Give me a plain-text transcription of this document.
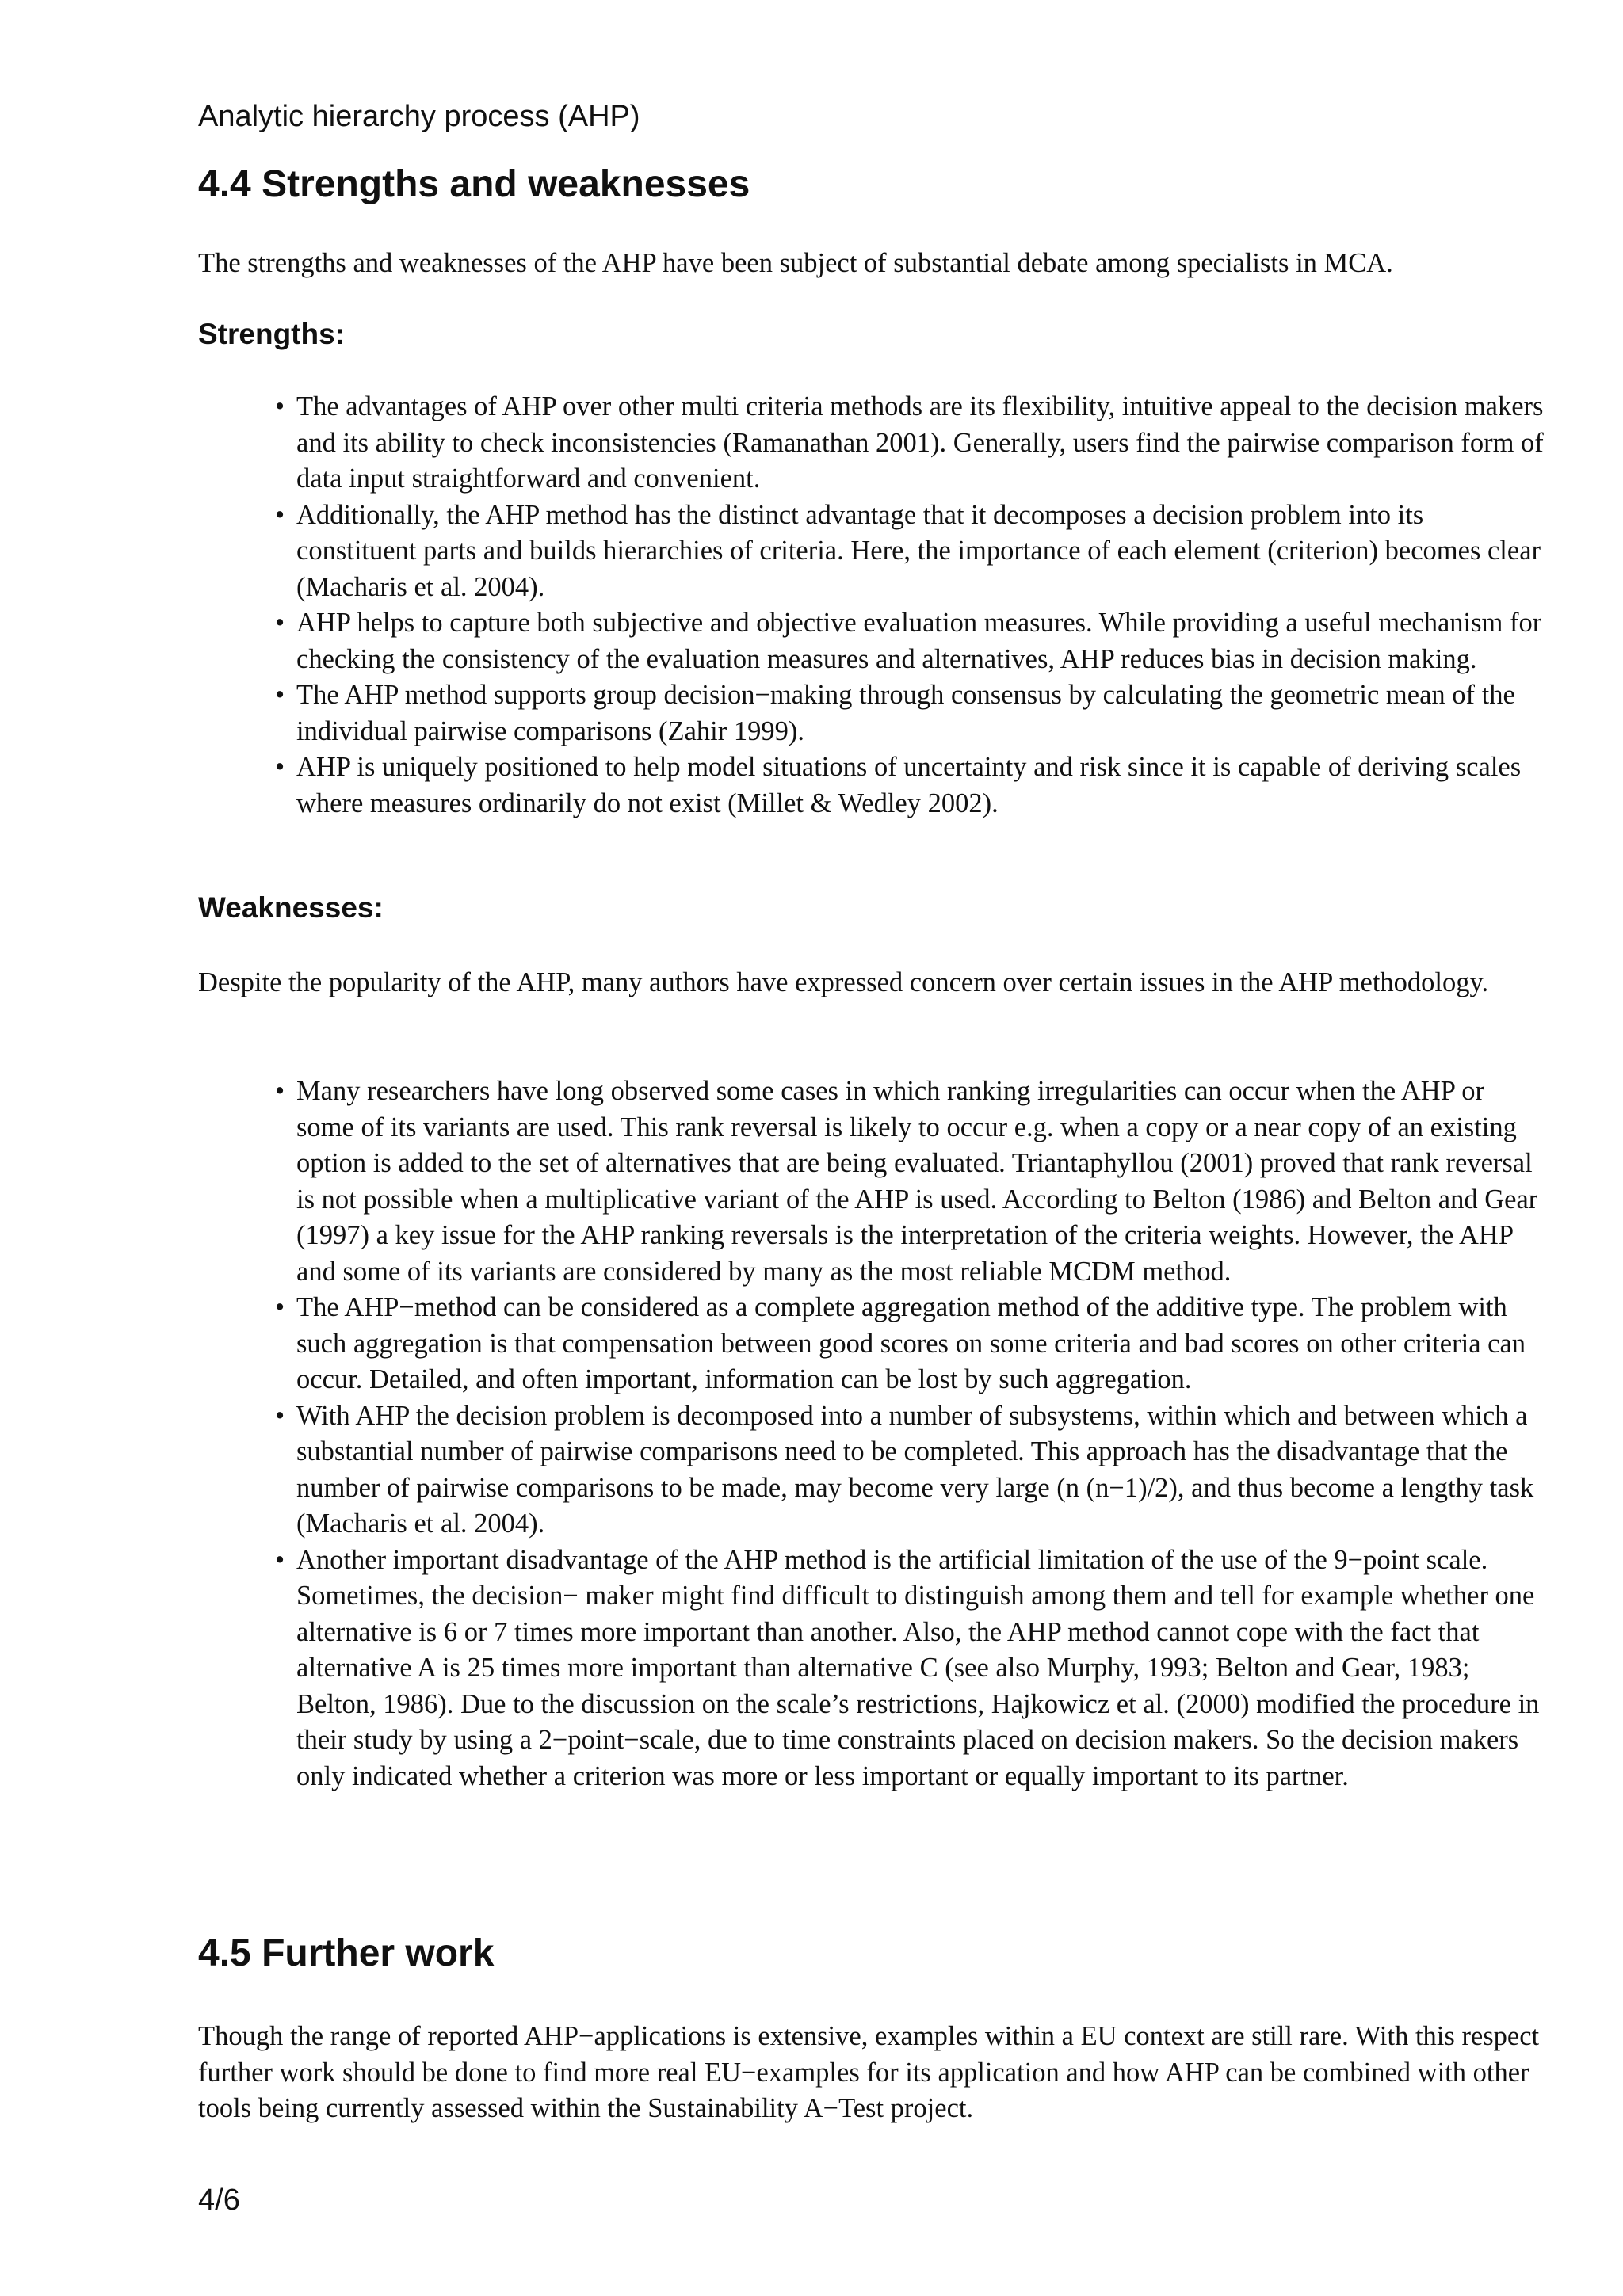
Analytic hierarchy process (AHP)
4.4 Strengths and weaknesses

The strengths and weaknesses of the AHP have been subject of substantial debate among specialists in MCA.

Strengths:
• The advantages of AHP over other multi criteria methods are its flexibility, intuitive appeal to the decision makers and its ability to check inconsistencies (Ramanathan 2001). Generally, users find the pairwise comparison form of data input straightforward and convenient.
• Additionally, the AHP method has the distinct advantage that it decomposes a decision problem into its constituent parts and builds hierarchies of criteria. Here, the importance of each element (criterion) becomes clear (Macharis et al. 2004).
• AHP helps to capture both subjective and objective evaluation measures. While providing a useful mechanism for checking the consistency of the evaluation measures and alternatives, AHP reduces bias in decision making.
• The AHP method supports group decision−making through consensus by calculating the geometric mean of the individual pairwise comparisons (Zahir 1999).
• AHP is uniquely positioned to help model situations of uncertainty and risk since it is capable of deriving scales where measures ordinarily do not exist (Millet & Wedley 2002).
Weaknesses:

Despite the popularity of the AHP, many authors have expressed concern over certain issues in the AHP methodology.

• Many researchers have long observed some cases in which ranking irregularities can occur when the AHP or some of its variants are used. This rank reversal is likely to occur e.g. when a copy or a near copy of an existing option is added to the set of alternatives that are being evaluated. Triantaphyllou (2001) proved that rank reversal is not possible when a multiplicative variant of the AHP is used. According to Belton (1986) and Belton and Gear (1997) a key issue for the AHP ranking reversals is the interpretation of the criteria weights. However, the AHP and some of its variants are considered by many as the most reliable MCDM method.
• The AHP−method can be considered as a complete aggregation method of the additive type. The problem with such aggregation is that compensation between good scores on some criteria and bad scores on other criteria can occur. Detailed, and often important, information can be lost by such aggregation.
• With AHP the decision problem is decomposed into a number of subsystems, within which and between which a substantial number of pairwise comparisons need to be completed. This approach has the disadvantage that the number of pairwise comparisons to be made, may become very large (n (n−1)/2), and thus become a lengthy task (Macharis et al. 2004).
• Another important disadvantage of the AHP method is the artificial limitation of the use of the 9−point scale. Sometimes, the decision− maker might find difficult to distinguish among them and tell for example whether one alternative is 6 or 7 times more important than another. Also, the AHP method cannot cope with the fact that alternative A is 25 times more important than alternative C (see also Murphy, 1993; Belton and Gear, 1983; Belton, 1986). Due to the discussion on the scale’s restrictions, Hajkowicz et al. (2000) modified the procedure in their study by using a 2−point−scale, due to time constraints placed on decision makers. So the decision makers only indicated whether a criterion was more or less important or equally important to its partner.
4.5 Further work

Though the range of reported AHP−applications is extensive, examples within a EU context are still rare. With this respect further work should be done to find more real EU−examples for its application and how AHP can be combined with other tools being currently assessed within the Sustainability A−Test project.

4/6
